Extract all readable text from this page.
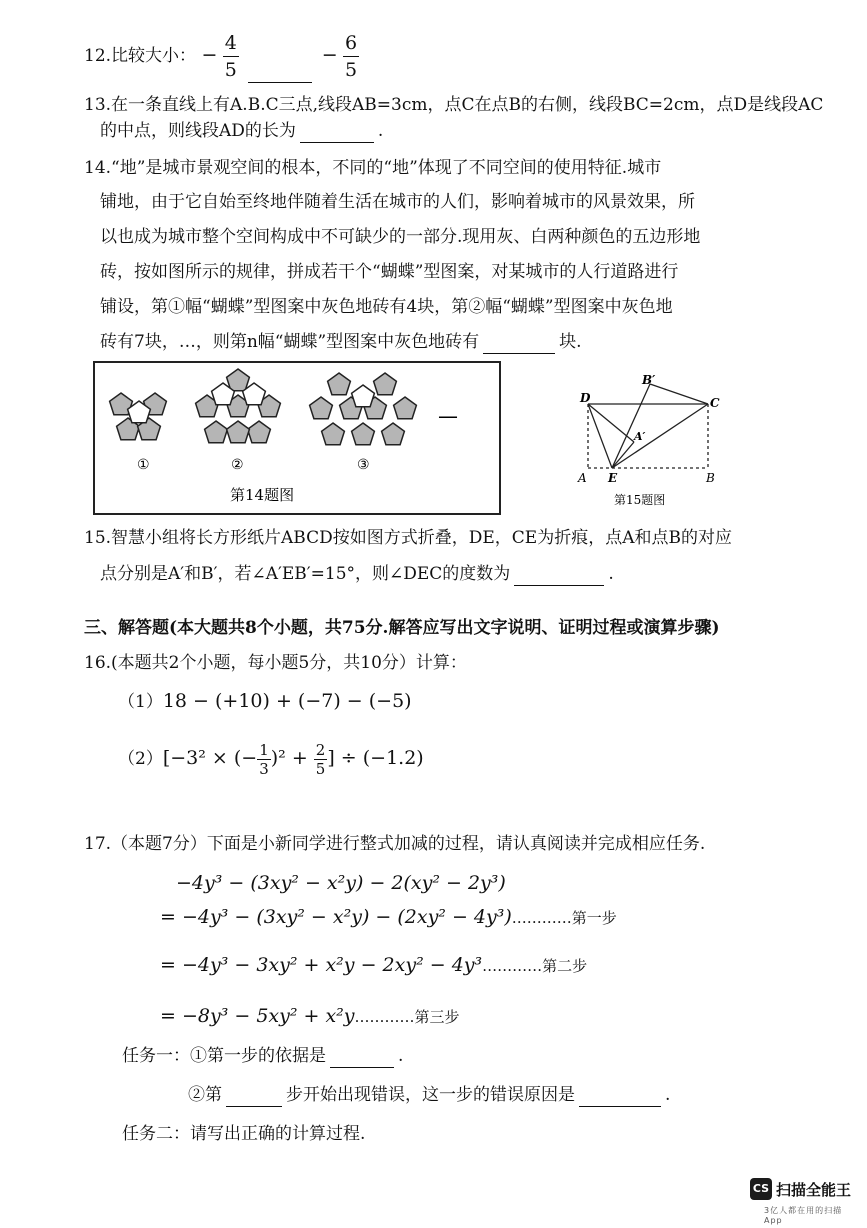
12.比较大小： − $\frac{4}{5}$	− $\frac{6}{5}$
13.在一条直线上有A.B.C三点,线段AB=3cm，点C在点B的右侧，线段BC=2cm，点D是线段AC
的中点，则线段AD的长为	.
14.“地”是城市景观空间的根本，不同的“地”体现了不同空间的使用特征.城市
铺地，由于它自始至终地伴随着生活在城市的人们，影响着城市的风景效果，所
以也成为城市整个空间构成中不可缺少的一部分.现用灰、白两种颜色的五边形地
砖，按如图所示的规律，拼成若干个“蝴蝶”型图案，对某城市的人行道路进行
铺设，第①幅“蝴蝶”型图案中灰色地砖有4块，第②幅“蝴蝶”型图案中灰色地
砖有7块，…，则第n幅“蝴蝶”型图案中灰色地砖有	块.
①	②	③
—
第14题图
D
B′
C
A′
A E	B
第15题图
15.智慧小组将长方形纸片ABCD按如图方式折叠，DE，CE为折痕，点A和点B的对应
点分别是A′和B′，若∠A′EB′=15°，则∠DEC的度数为	.
三、解答题(本大题共8个小题，共75分.解答应写出文字说明、证明过程或演算步骤)
16.(本题共2个小题，每小题5分，共10分）计算：
（1）18 − (+10) + (−7) − (−5)
（2）[−3² × (− $\frac{1}{3} )^2 + \frac{2}{5}$ ] ÷ (−1.2)
17.（本题7分）下面是小新同学进行整式加减的过程，请认真阅读并完成相应任务.
−4y³ − (3xy² − x²y) − 2(xy² − 2y³)
= −4y³ − (3xy² − x²y) − (2xy² − 4y³)…………第一步
= −4y³ − 3xy² + x²y − 2xy² − 4y³…………第二步
= −8y³ − 5xy² + x²y…………第三步
任务一：①第一步的依据是	.
②第	步开始出现错误，这一步的错误原因是	.
任务二：请写出正确的计算过程.
CS 扫描全能王
3亿人都在用的扫描App
